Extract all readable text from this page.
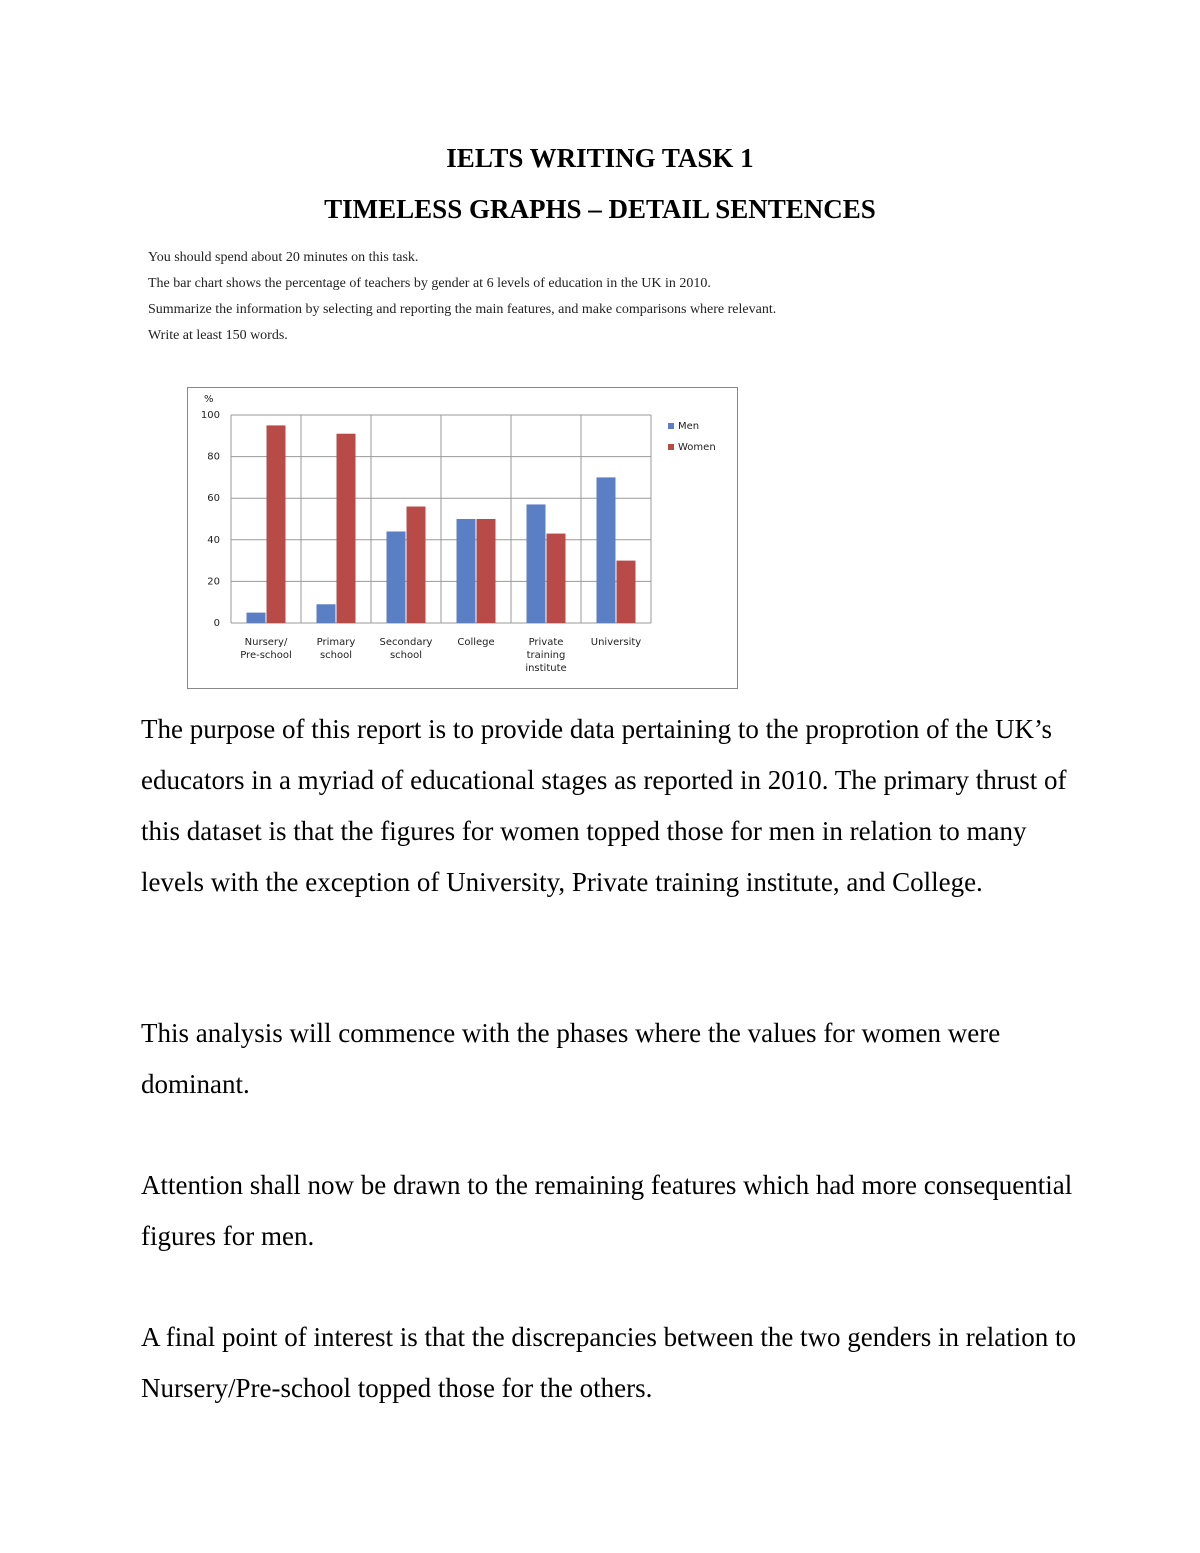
IELTS WRITING TASK 1
TIMELESS GRAPHS – DETAIL SENTENCES

You should spend about 20 minutes on this task.

The bar chart shows the percentage of teachers by gender at 6 levels of education in the UK in 2010.

Summarize the information by selecting and reporting the main features, and make comparisons where relevant.

Write at least 150 words.

%
0
20
40
60
80
100
Nursery/ Pre-school
Primary school
Secondary school
College	Private training institute
University
Men
Women

The purpose of this report is to provide data pertaining to the proprotion of the UK’s educators in a myriad of educational stages as reported in 2010. The primary thrust of this dataset is that the figures for women topped those for men in relation to many levels with the exception of University, Private training institute, and College.

This analysis will commence with the phases where the values for women were dominant.

Attention shall now be drawn to the remaining features which had more consequential figures for men.

A final point of interest is that the discrepancies between the two genders in relation to Nursery/Pre-school topped those for the others.
